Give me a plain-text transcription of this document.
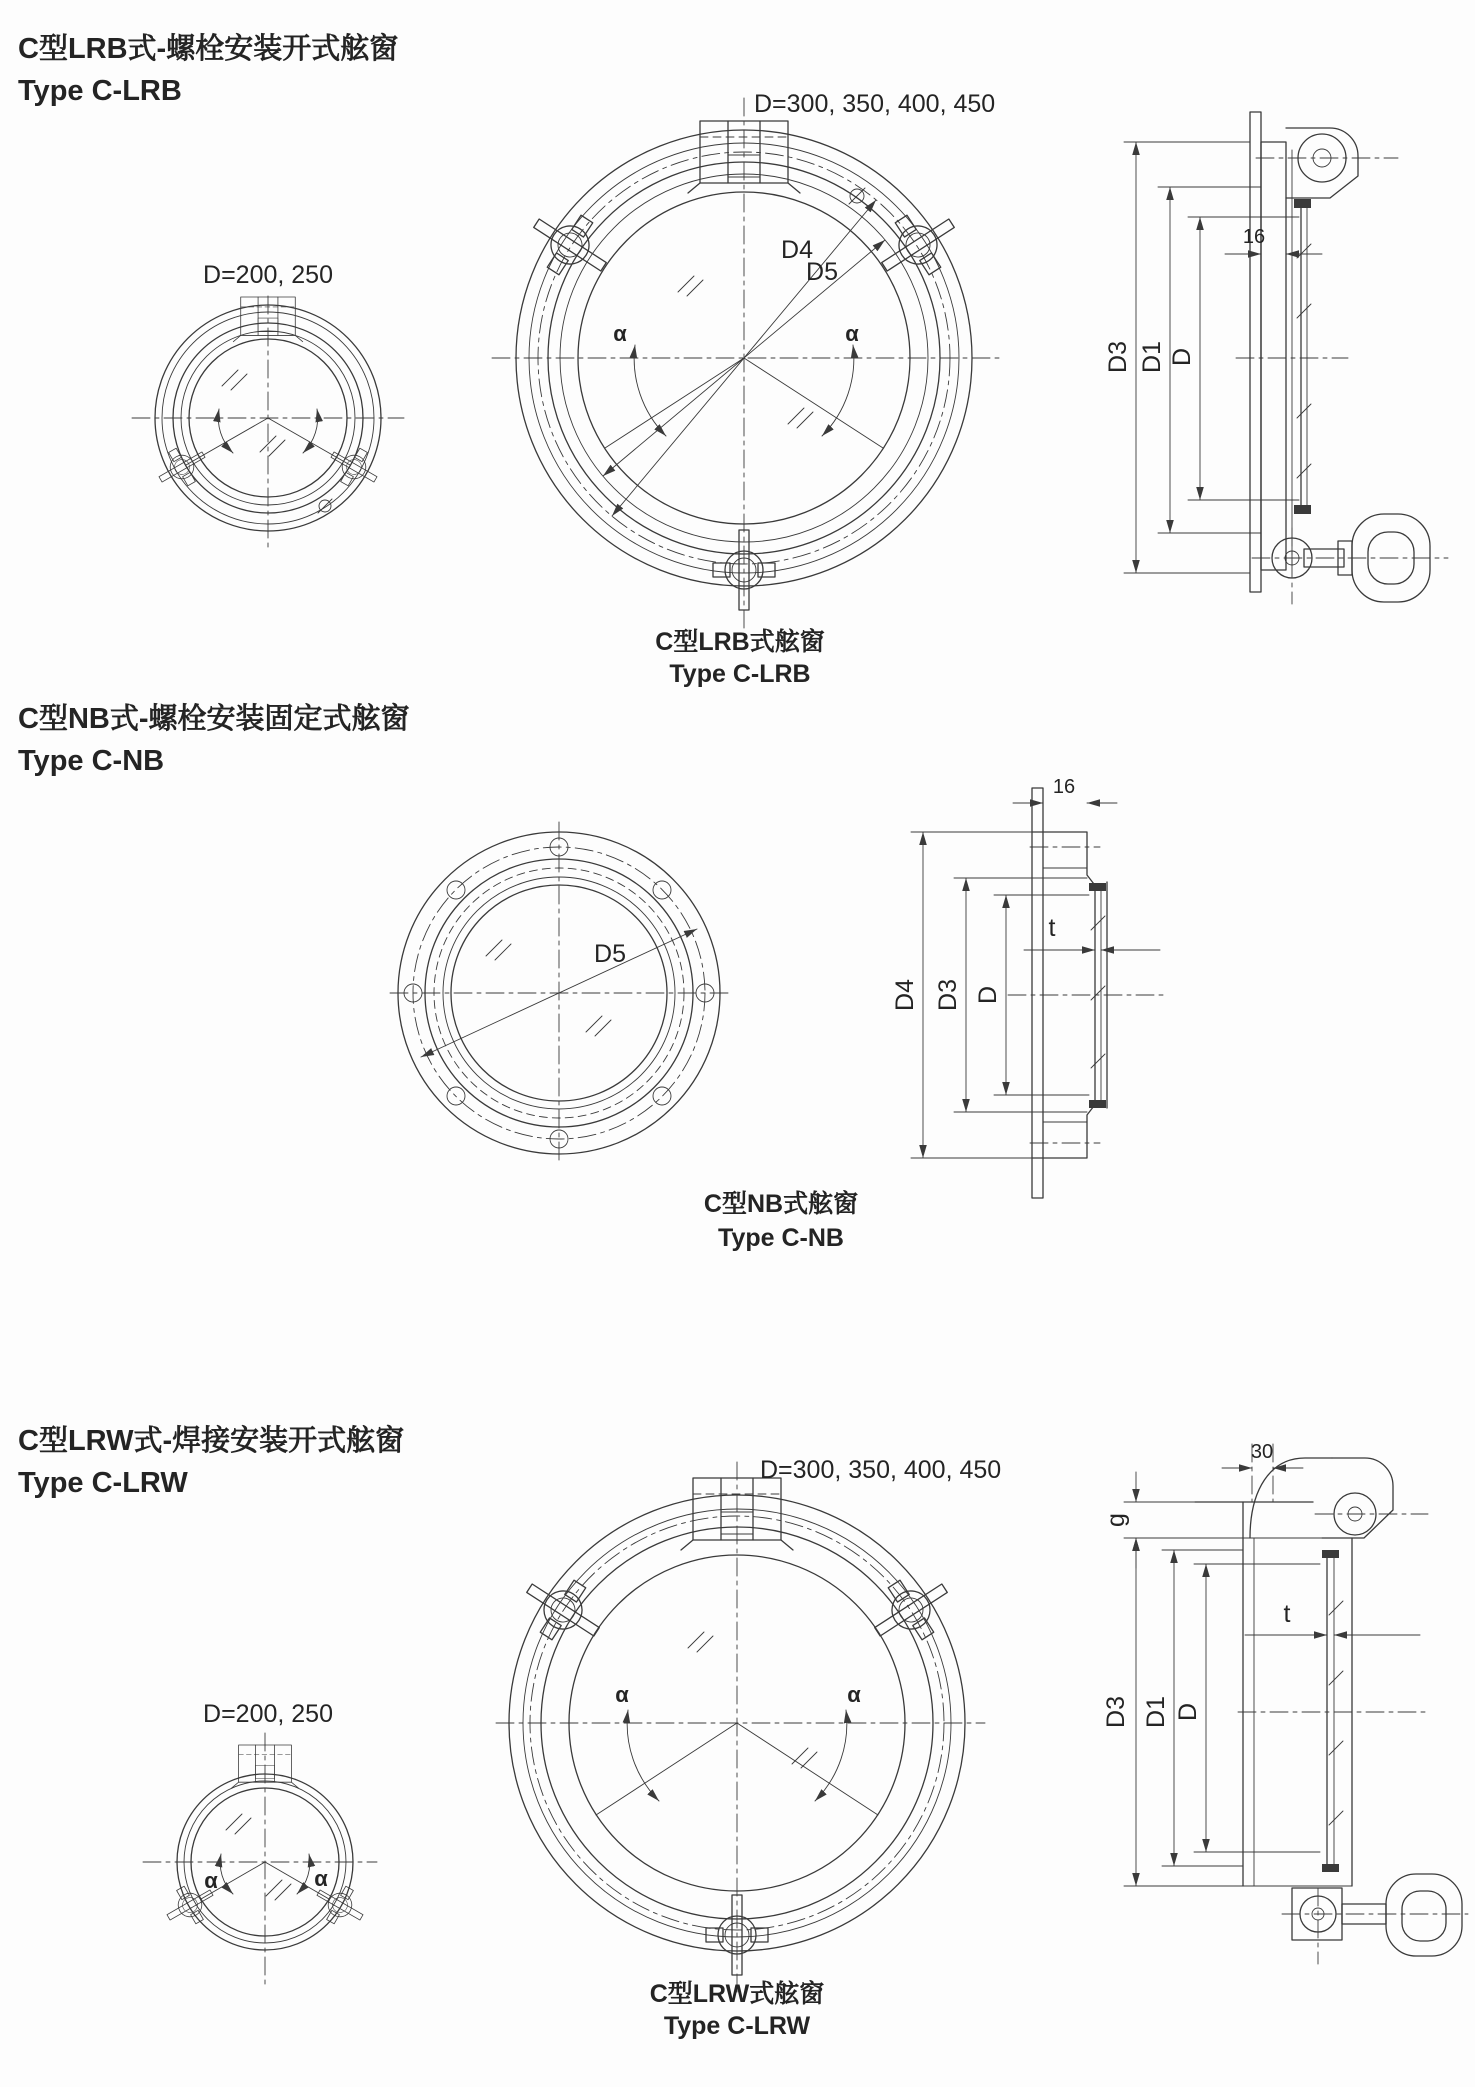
C型LRB式-螺栓安装开式舷窗
Type C-LRB
D=200, 250
D4
D5
α	α
D=300, 350, 400, 450
D3 D1 D
16
C型LRB式舷窗
Type C-LRB
C型NB式-螺栓安装固定式舷窗
Type C-NB
D5
16
t
D4 D3 D
C型NB式舷窗
Type C-NB
C型LRW式-焊接安装开式舷窗
Type C-LRW
α	α
D=300, 350, 400, 450
α	α
D=200, 250
30
g
D3 D1 D
t
C型LRW式舷窗
Type C-LRW
